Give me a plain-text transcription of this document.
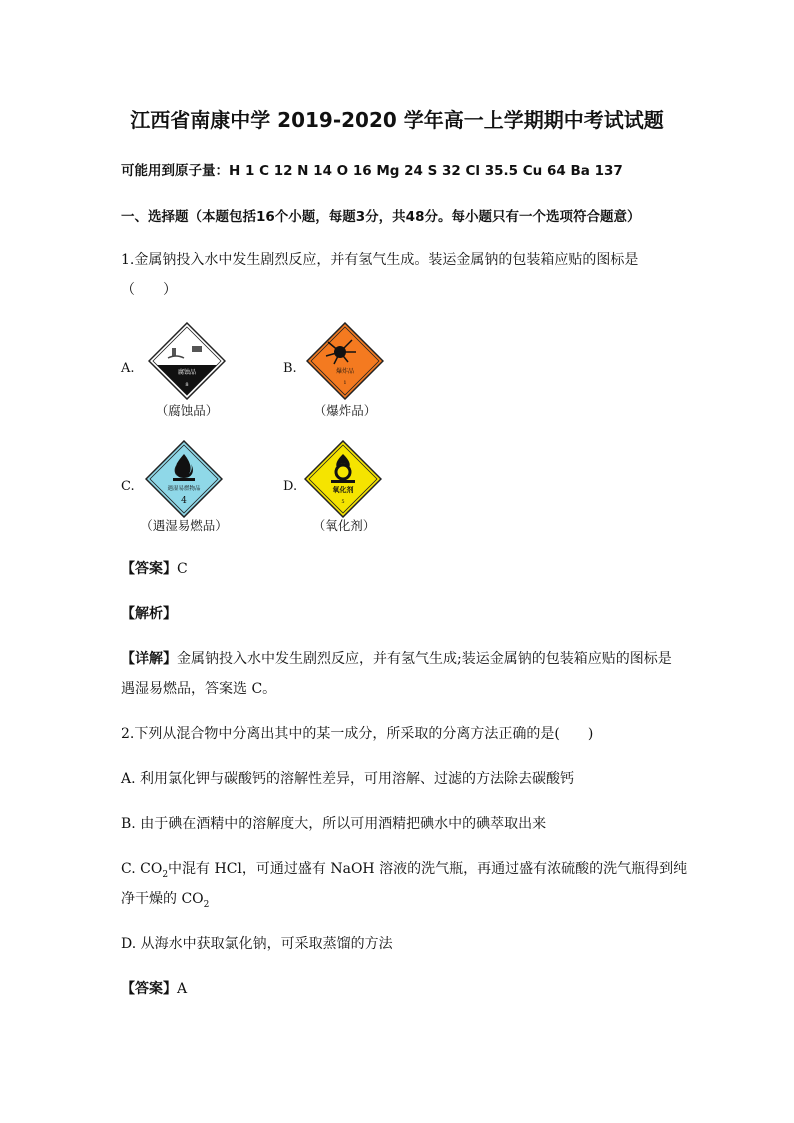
江西省南康中学 2019-2020 学年高一上学期期中考试试题
可能用到原子量：H 1 C 12 N 14 O 16 Mg 24 S 32 Cl 35.5 Cu 64 Ba 137
一、选择题（本题包括16个小题，每题3分，共48分。每小题只有一个选项符合题意）
1.金属钠投入水中发生剧烈反应，并有氢气生成。装运金属钠的包装箱应贴的图标是
（　　）
A.	腐蚀品
8
（腐蚀品）
B.	爆炸品
1
（爆炸品）
C.	遇湿易燃物品
4
（遇湿易燃品）
D.	氧化剂
5
（氧化剂）
【答案】C
【解析】
【详解】金属钠投入水中发生剧烈反应，并有氢气生成;装运金属钠的包装箱应贴的图标是
遇湿易燃品，答案选 C。
2.下列从混合物中分离出其中的某一成分，所采取的分离方法正确的是(　　)
A. 利用氯化钾与碳酸钙的溶解性差异，可用溶解、过滤的方法除去碳酸钙
B. 由于碘在酒精中的溶解度大，所以可用酒精把碘水中的碘萃取出来
C. $CO_2$中混有 HCl，可通过盛有 NaOH 溶液的洗气瓶，再通过盛有浓硫酸的洗气瓶得到纯
净干燥的 $CO_2$
D. 从海水中获取氯化钠，可采取蒸馏的方法
【答案】A
